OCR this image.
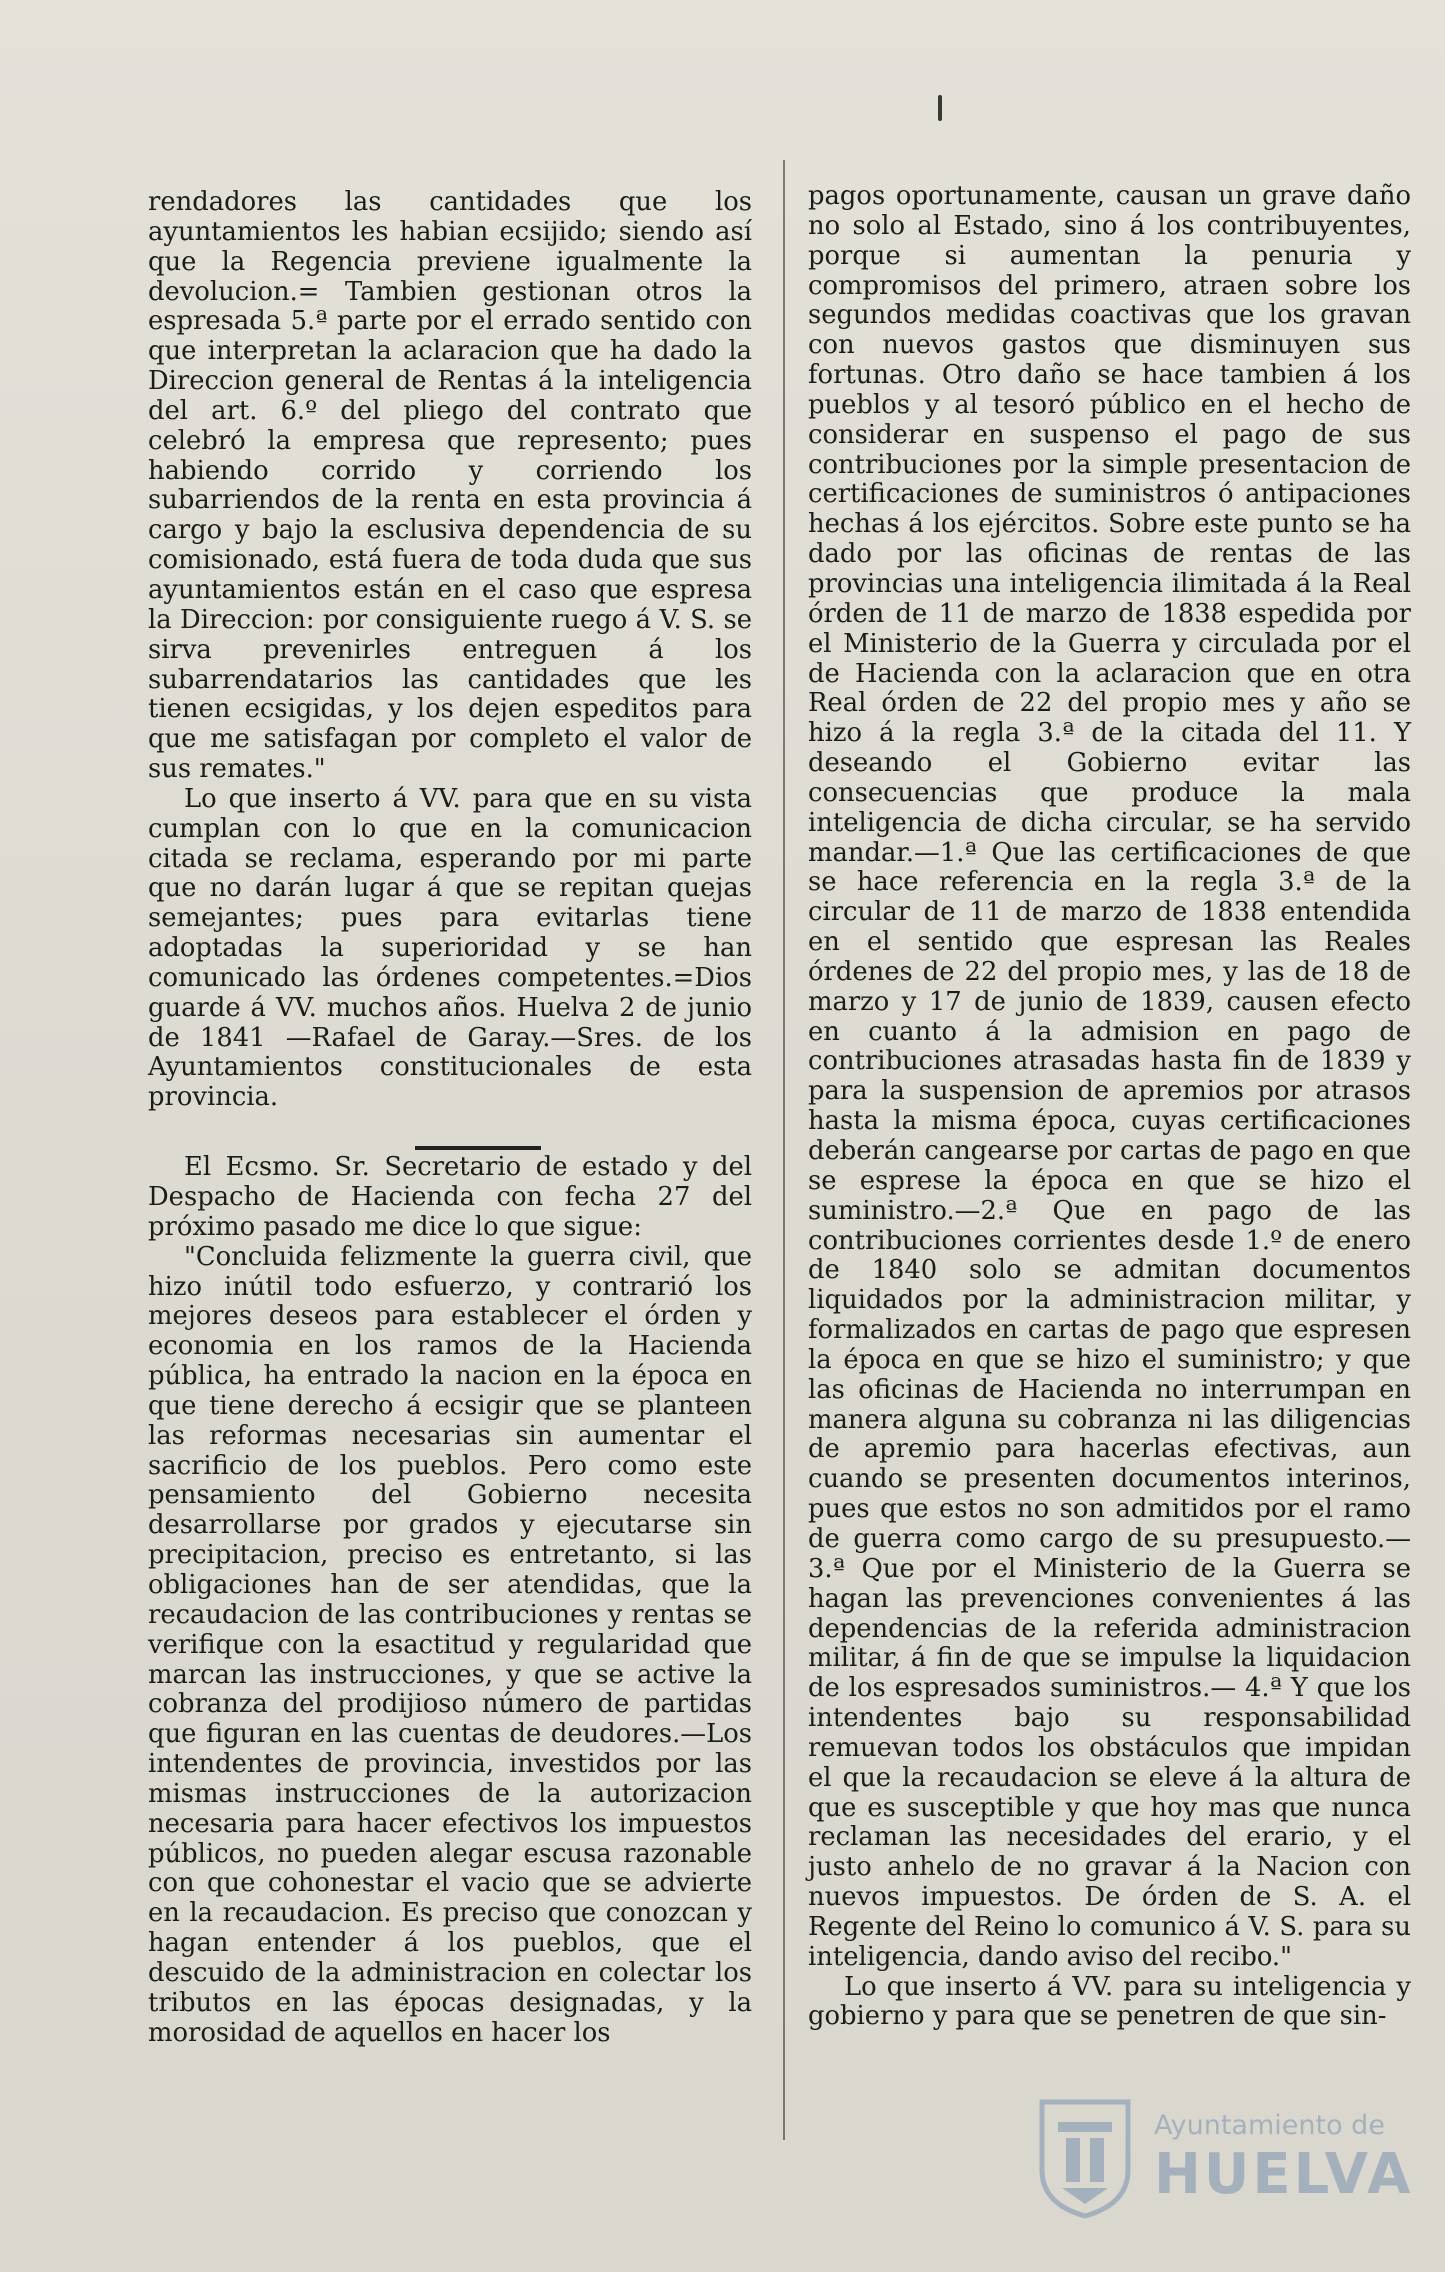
rendadores las cantidades que los ayuntamientos les habian ecsijido; siendo así que la Regencia previene igualmente la devolucion.= Tambien gestionan otros la espresada 5.ª parte por el errado sentido con que interpretan la aclaracion que ha dado la Direccion general de Rentas á la inteligencia del art. 6.º del pliego del contrato que celebró la empresa que represento; pues habiendo corrido y corriendo los subarriendos de la renta en esta provincia á cargo y bajo la esclusiva dependencia de su comisionado, está fuera de toda duda que sus ayuntamientos están en el caso que espresa la Direccion: por consiguiente ruego á V. S. se sirva prevenirles entreguen á los subarrendatarios las cantidades que les tienen ecsigidas, y los dejen espeditos para que me satisfagan por completo el valor de sus remates."

Lo que inserto á VV. para que en su vista cumplan con lo que en la comunicacion citada se reclama, esperando por mi parte que no darán lugar á que se repitan quejas semejantes; pues para evitarlas tiene adoptadas la superioridad y se han comunicado las órdenes competentes.=Dios guarde á VV. muchos años. Huelva 2 de junio de 1841 —Rafael de Garay.—Sres. de los Ayuntamientos constitucionales de esta provincia.

El Ecsmo. Sr. Secretario de estado y del Despacho de Hacienda con fecha 27 del próximo pasado me dice lo que sigue:

"Concluida felizmente la guerra civil, que hizo inútil todo esfuerzo, y contrarió los mejores deseos para establecer el órden y economia en los ramos de la Hacienda pública, ha entrado la nacion en la época en que tiene derecho á ecsigir que se planteen las reformas necesarias sin aumentar el sacrificio de los pueblos. Pero como este pensamiento del Gobierno necesita desarrollarse por grados y ejecutarse sin precipitacion, preciso es entretanto, si las obligaciones han de ser atendidas, que la recaudacion de las contribuciones y rentas se verifique con la esactitud y regularidad que marcan las instrucciones, y que se active la cobranza del prodijioso número de partidas que figuran en las cuentas de deudores.—Los intendentes de provincia, investidos por las mismas instrucciones de la autorizacion necesaria para hacer efectivos los impuestos públicos, no pueden alegar escusa razonable con que cohonestar el vacio que se advierte en la recaudacion. Es preciso que conozcan y hagan entender á los pueblos, que el descuido de la administracion en colectar los tributos en las épocas designadas, y la morosidad de aquellos en hacer los

pagos oportunamente, causan un grave daño no solo al Estado, sino á los contribuyentes, porque si aumentan la penuria y compromisos del primero, atraen sobre los segundos medidas coactivas que los gravan con nuevos gastos que disminuyen sus fortunas. Otro daño se hace tambien á los pueblos y al tesoró público en el hecho de considerar en suspenso el pago de sus contribuciones por la simple presentacion de certificaciones de suministros ó antipaciones hechas á los ejércitos. Sobre este punto se ha dado por las oficinas de rentas de las provincias una inteligencia ilimitada á la Real órden de 11 de marzo de 1838 espedida por el Ministerio de la Guerra y circulada por el de Hacienda con la aclaracion que en otra Real órden de 22 del propio mes y año se hizo á la regla 3.ª de la citada del 11. Y deseando el Gobierno evitar las consecuencias que produce la mala inteligencia de dicha circular, se ha servido mandar.—1.ª Que las certificaciones de que se hace referencia en la regla 3.ª de la circular de 11 de marzo de 1838 entendida en el sentido que espresan las Reales órdenes de 22 del propio mes, y las de 18 de marzo y 17 de junio de 1839, causen efecto en cuanto á la admision en pago de contribuciones atrasadas hasta fin de 1839 y para la suspension de apremios por atrasos hasta la misma época, cuyas certificaciones deberán cangearse por cartas de pago en que se esprese la época en que se hizo el suministro.—2.ª Que en pago de las contribuciones corrientes desde 1.º de enero de 1840 solo se admitan documentos liquidados por la administracion militar, y formalizados en cartas de pago que espresen la época en que se hizo el suministro; y que las oficinas de Hacienda no interrumpan en manera alguna su cobranza ni las diligencias de apremio para hacerlas efectivas, aun cuando se presenten documentos interinos, pues que estos no son admitidos por el ramo de guerra como cargo de su presupuesto.—3.ª Que por el Ministerio de la Guerra se hagan las prevenciones convenientes á las dependencias de la referida administracion militar, á fin de que se impulse la liquidacion de los espresados suministros.— 4.ª Y que los intendentes bajo su responsabilidad remuevan todos los obstáculos que impidan el que la recaudacion se eleve á la altura de que es susceptible y que hoy mas que nunca reclaman las necesidades del erario, y el justo anhelo de no gravar á la Nacion con nuevos impuestos. De órden de S. A. el Regente del Reino lo comunico á V. S. para su inteligencia, dando aviso del recibo."

Lo que inserto á VV. para su inteligencia y gobierno y para que se penetren de que sin-

Ayuntamiento de
HUELVA
